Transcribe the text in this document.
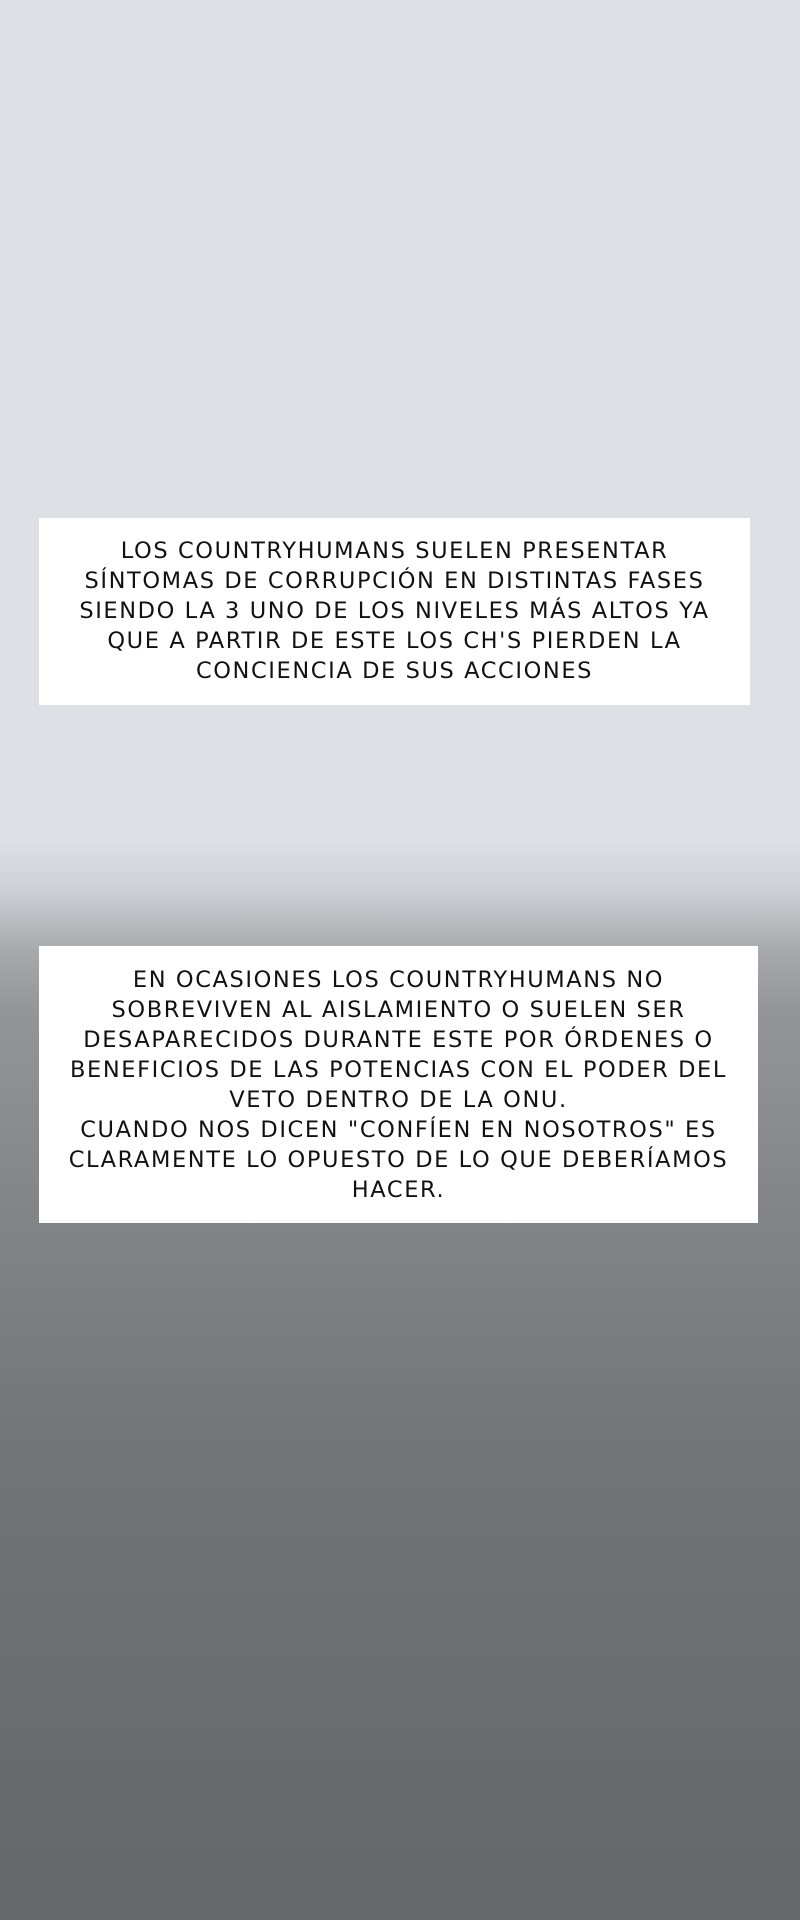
LOS COUNTRYHUMANS SUELEN PRESENTAR
SÍNTOMAS DE CORRUPCIÓN EN DISTINTAS FASES
SIENDO LA 3 UNO DE LOS NIVELES MÁS ALTOS YA
QUE A PARTIR DE ESTE LOS CH'S PIERDEN LA
CONCIENCIA DE SUS ACCIONES

EN OCASIONES LOS COUNTRYHUMANS NO
SOBREVIVEN AL AISLAMIENTO O SUELEN SER
DESAPARECIDOS DURANTE ESTE POR ÓRDENES O
BENEFICIOS DE LAS POTENCIAS CON EL PODER DEL
VETO DENTRO DE LA ONU.
CUANDO NOS DICEN "CONFÍEN EN NOSOTROS" ES
CLARAMENTE LO OPUESTO DE LO QUE DEBERÍAMOS
HACER.
